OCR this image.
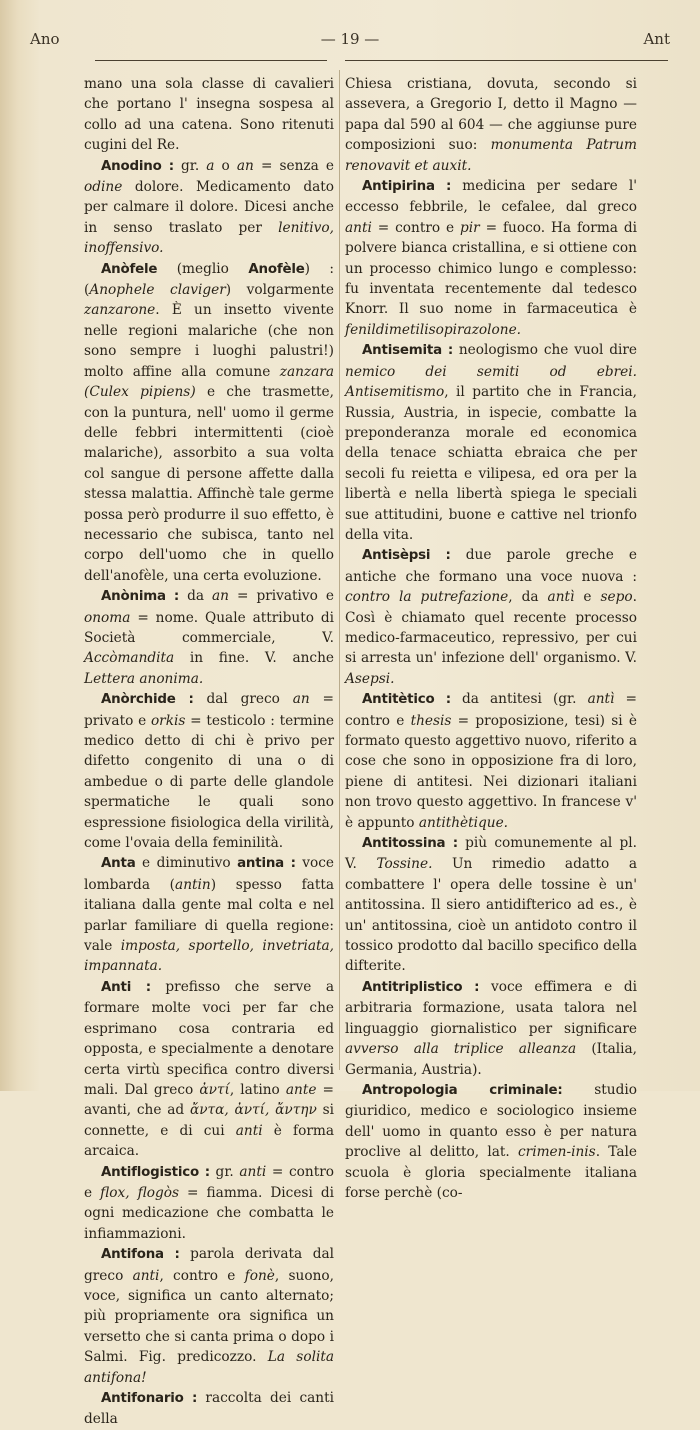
Ano	— 19 —	Ant

mano una sola classe di cavalieri che portano l' insegna sospesa al collo ad una catena. Sono ritenuti cugini del Re.

Anodino : gr. a o an = senza e odine dolore. Medicamento dato per calmare il dolore. Dicesi anche in senso traslato per lenitivo, inoffensivo.

Anòfele (meglio Anofèle) : (Anophele claviger) volgarmente zanzarone. È un insetto vivente nelle regioni malariche (che non sono sempre i luoghi palustri!) molto affine alla comune zanzara (Culex pipiens) e che trasmette, con la puntura, nell' uomo il germe delle febbri intermittenti (cioè malariche), assorbito a sua volta col sangue di persone affette dalla stessa malattia. Affinchè tale germe possa però produrre il suo effetto, è necessario che subisca, tanto nel corpo dell'uomo che in quello dell'anofèle, una certa evoluzione.

Anònima : da an = privativo e onoma = nome. Quale attributo di Società commerciale, V. Accòmandita in fine. V. anche Lettera anonima.

Anòrchide : dal greco an = privato e orkis = testicolo : termine medico detto di chi è privo per difetto congenito di una o di ambedue o di parte delle glandole spermatiche le quali sono espressione fisiologica della virilità, come l'ovaia della feminilità.

Anta e diminutivo antina : voce lombarda (antin) spesso fatta italiana dalla gente mal colta e nel parlar familiare di quella regione: vale imposta, sportello, invetriata, impannata.

Anti : prefisso che serve a formare molte voci per far che esprimano cosa contraria ed opposta, e specialmente a denotare certa virtù specifica contro diversi mali. Dal greco ἀντί, latino ante = avanti, che ad ἄντα, ἀντί, ἄντην si connette, e di cui anti è forma arcaica.

Antiflogistico : gr. anti = contro e flox, flogòs = fiamma. Dicesi di ogni medicazione che combatta le infiammazioni.

Antifona : parola derivata dal greco anti, contro e fonè, suono, voce, significa un canto alternato; più propriamente ora significa un versetto che si canta prima o dopo i Salmi. Fig. predicozzo. La solita antifona!

Antifonario : raccolta dei canti della

Chiesa cristiana, dovuta, secondo si assevera, a Gregorio I, detto il Magno — papa dal 590 al 604 — che aggiunse pure composizioni suo: monumenta Patrum renovavit et auxit.

Antipirina : medicina per sedare l' eccesso febbrile, le cefalee, dal greco anti = contro e pir = fuoco. Ha forma di polvere bianca cristallina, e si ottiene con un processo chimico lungo e complesso: fu inventata recentemente dal tedesco Knorr. Il suo nome in farmaceutica è fenildimetilisopirazolone.

Antisemita : neologismo che vuol dire nemico dei semiti od ebrei. Antisemitismo, il partito che in Francia, Russia, Austria, in ispecie, combatte la preponderanza morale ed economica della tenace schiatta ebraica che per secoli fu reietta e vilipesa, ed ora per la libertà e nella libertà spiega le speciali sue attitudini, buone e cattive nel trionfo della vita.

Antisèpsi : due parole greche e antiche che formano una voce nuova : contro la putrefazione, da antì e sepo. Così è chiamato quel recente processo medico-farmaceutico, repressivo, per cui si arresta un' infezione dell' organismo. V. Asepsi.

Antitètico : da antitesi (gr. antì = contro e thesis = proposizione, tesi) si è formato questo aggettivo nuovo, riferito a cose che sono in opposizione fra di loro, piene di antitesi. Nei dizionari italiani non trovo questo aggettivo. In francese v' è appunto antithètique.

Antitossina : più comunemente al pl. V. Tossine. Un rimedio adatto a combattere l' opera delle tossine è un' antitossina. Il siero antidifterico ad es., è un' antitossina, cioè un antidoto contro il tossico prodotto dal bacillo specifico della difterite.

Antitriplistico : voce effimera e di arbitraria formazione, usata talora nel linguaggio giornalistico per significare avverso alla triplice alleanza (Italia, Germania, Austria).

Antropologia criminale: studio giuridico, medico e sociologico insieme dell' uomo in quanto esso è per natura proclive al delitto, lat. crimen-inis. Tale scuola è gloria specialmente italiana forse perchè (co-
